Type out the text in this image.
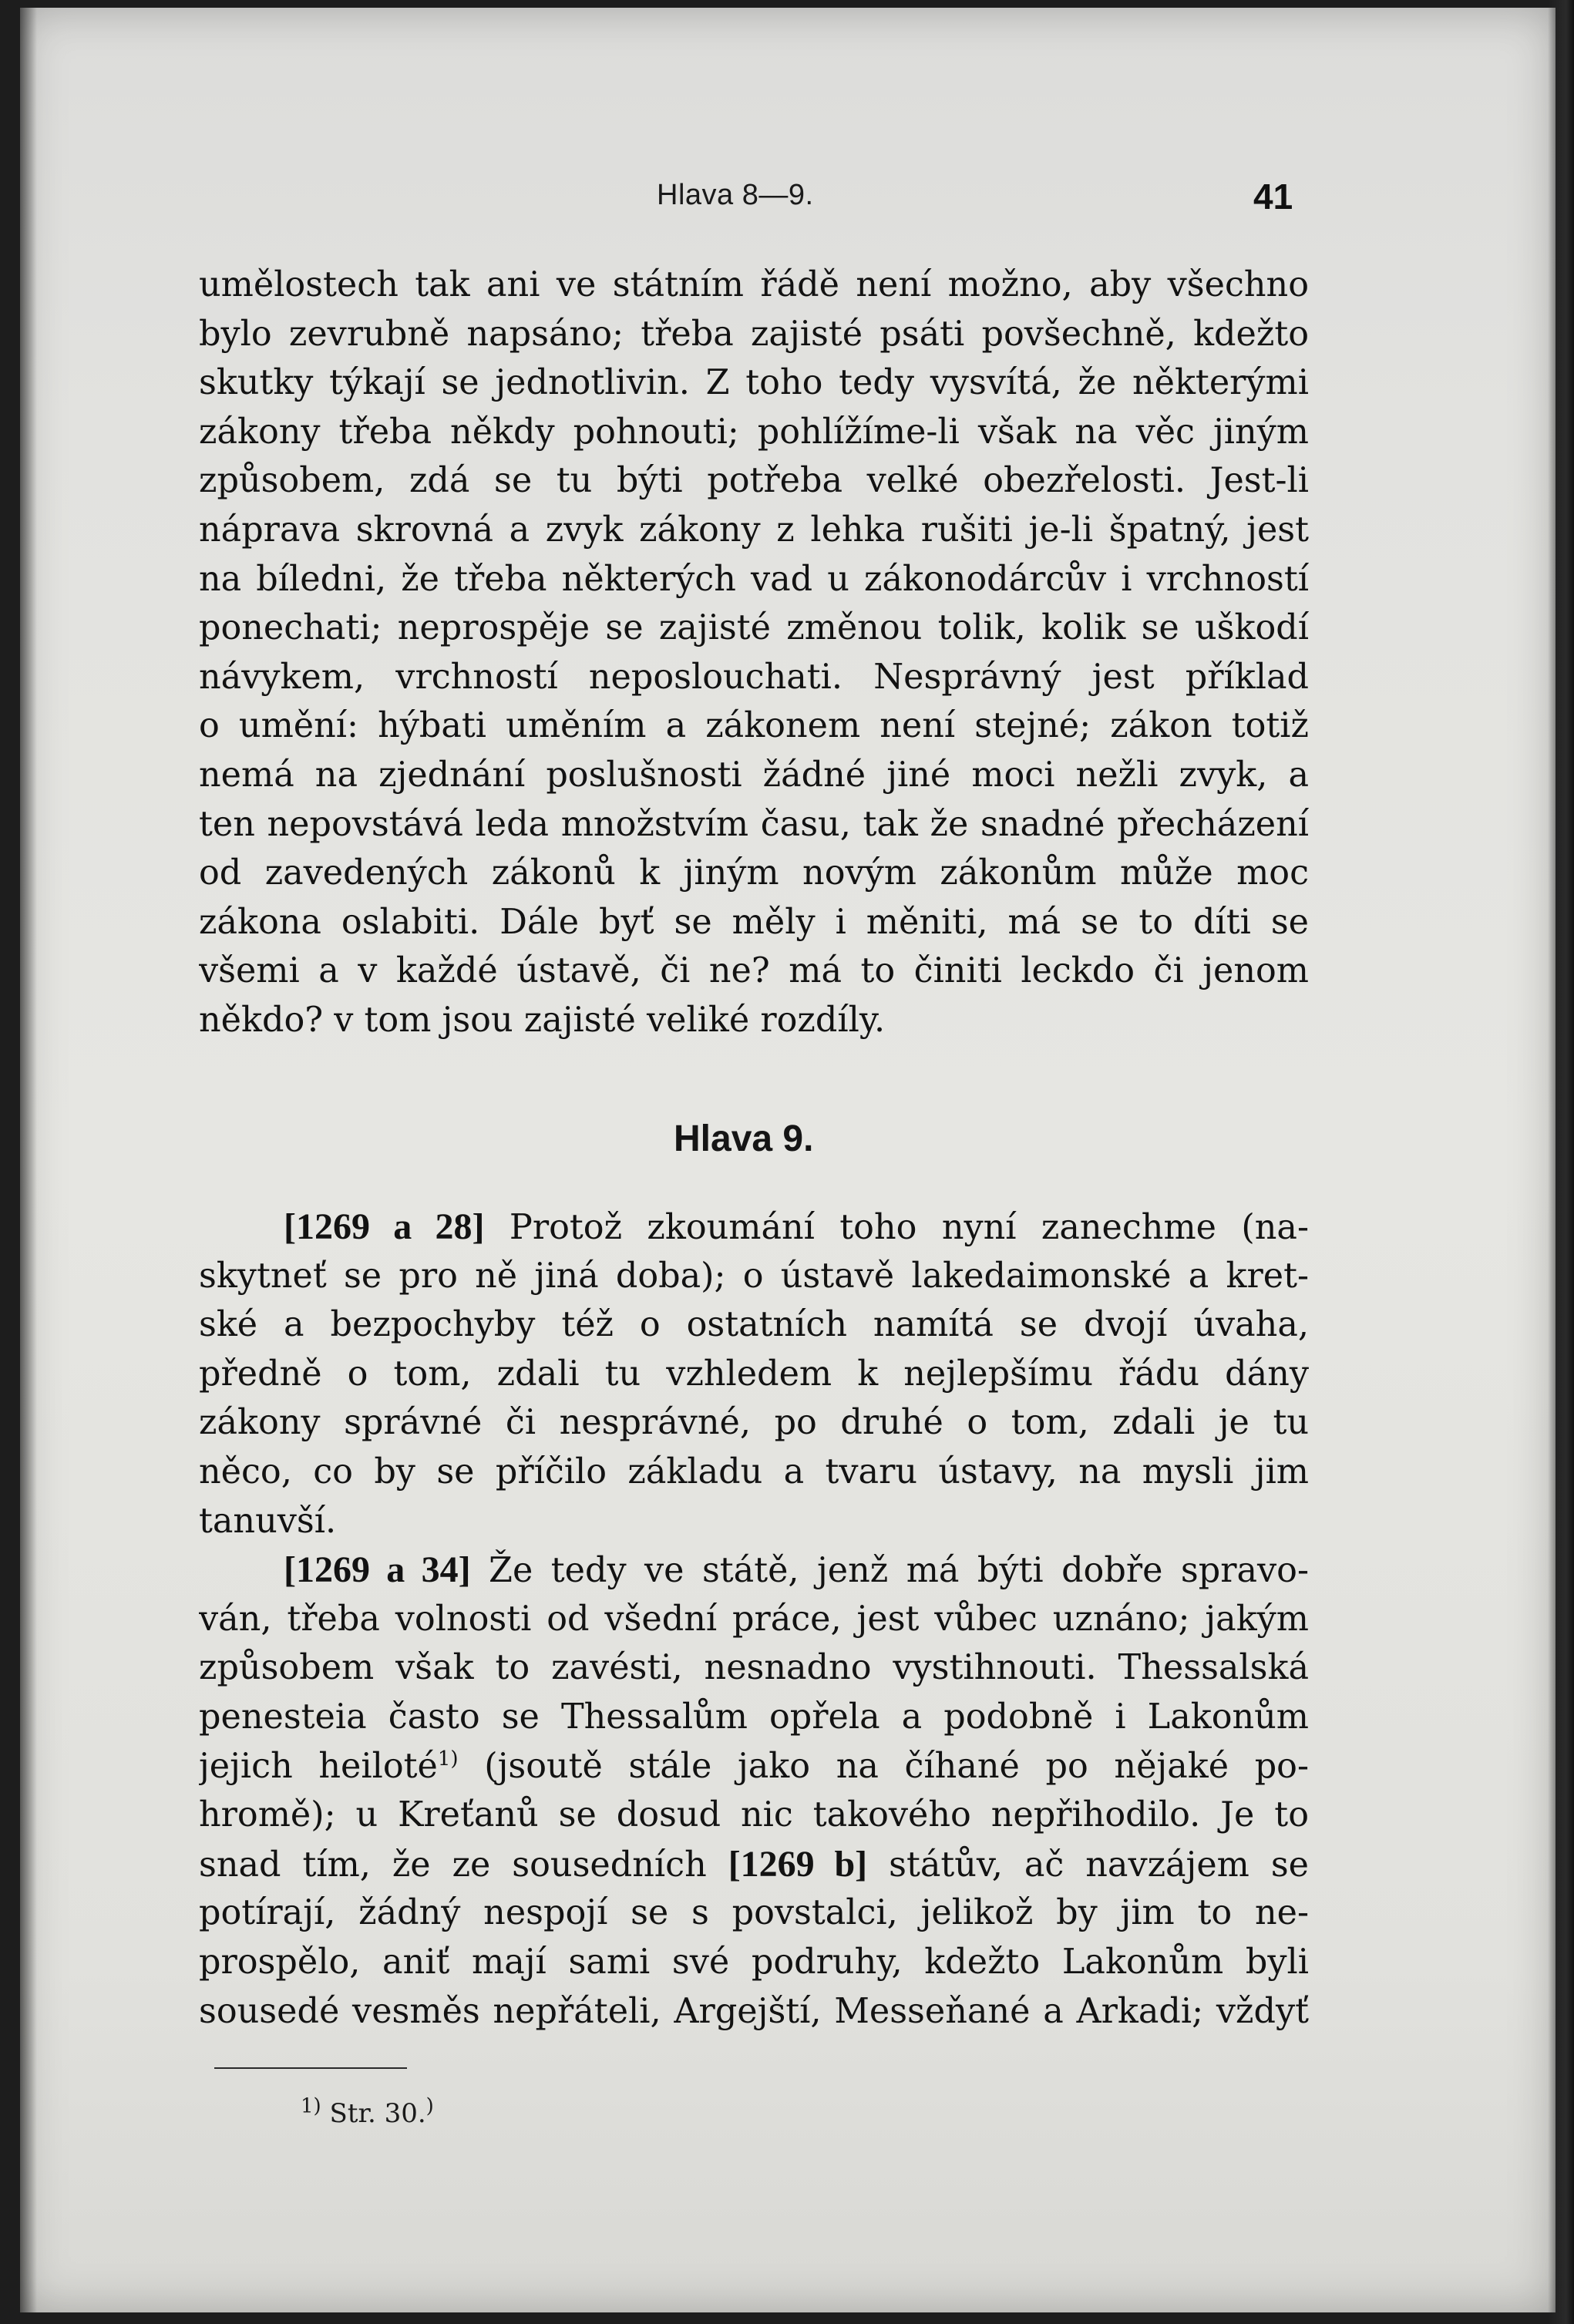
Hlava 8—9.	41
umělostech tak ani ve státním řádě není možno, aby všechno
bylo zevrubně napsáno; třeba zajisté psáti povšechně, kdežto
skutky týkají se jednotlivin. Z toho tedy vysvítá, že některými
zákony třeba někdy pohnouti; pohlížíme-li však na věc jiným
způsobem, zdá se tu býti potřeba velké obezřelosti. Jest-li
náprava skrovná a zvyk zákony z lehka rušiti je-li špatný, jest
na bíledni, že třeba některých vad u zákonodárcův i vrchností
ponechati; neprospěje se zajisté změnou tolik, kolik se uškodí
návykem, vrchností neposlouchati. Nesprávný jest příklad
o umění: hýbati uměním a zákonem není stejné; zákon totiž
nemá na zjednání poslušnosti žádné jiné moci nežli zvyk, a
ten nepovstává leda množstvím času, tak že snadné přecházení
od zavedených zákonů k jiným novým zákonům může moc
zákona oslabiti. Dále byť se měly i měniti, má se to díti se
všemi a v každé ústavě, či ne? má to činiti leckdo či jenom
někdo? v tom jsou zajisté veliké rozdíly.
Hlava 9.
[1269 a 28] Protož zkoumání toho nyní zanechme (na-
skytneť se pro ně jiná doba); o ústavě lakedaimonské a kret-
ské a bezpochyby též o ostatních namítá se dvojí úvaha,
předně o tom, zdali tu vzhledem k nejlepšímu řádu dány
zákony správné či nesprávné, po druhé o tom, zdali je tu
něco, co by se příčilo základu a tvaru ústavy, na mysli jim
tanuvší.
[1269 a 34] Že tedy ve státě, jenž má býti dobře spravo-
ván, třeba volnosti od všední práce, jest vůbec uznáno; jakým
způsobem však to zavésti, nesnadno vystihnouti. Thessalská
penesteia často se Thessalům opřela a podobně i Lakonům
jejich heiloté$^{1)}$ (jsoutě stále jako na číhané po nějaké po-
hromě); u Kreťanů se dosud nic takového nepřihodilo. Je to
snad tím, že ze sousedních [1269 b] státův, ač navzájem se
potírají, žádný nespojí se s povstalci, jelikož by jim to ne-
prospělo, aniť mají sami své podruhy, kdežto Lakonům byli
sousedé vesměs nepřáteli, Argejští, Messeňané a Arkadi; vždyť
$^{1)}$ Str. 30.)
